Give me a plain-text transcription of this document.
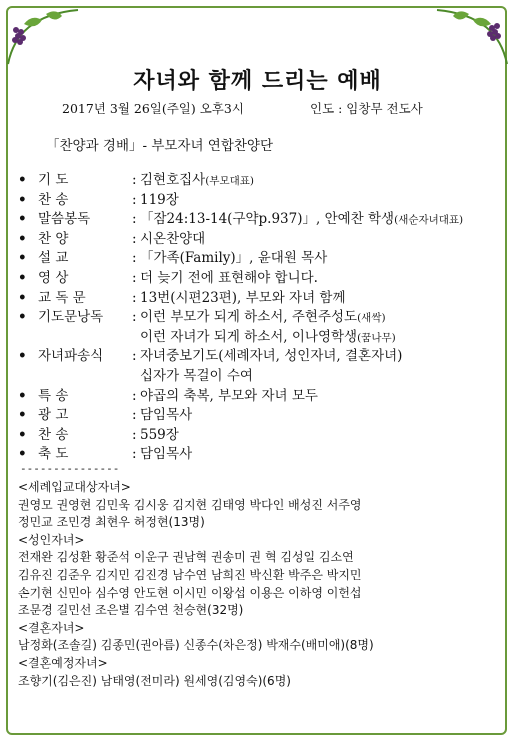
자녀와 함께 드리는 예배
2017년 3월 26일(주일) 오후3시	인도 : 임창무 전도사
「찬양과 경배」- 부모자녀 연합찬양단
• 기 도	: 김현호집사(부모대표)
• 찬 송	: 119장
• 말씀봉독	: 「잠24:13-14(구약p.937)」, 안예찬 학생(새순자녀대표)
• 찬 양	: 시온찬양대
• 설 교	: 「가족(Family)」, 윤대원 목사
• 영 상	: 더 늦기 전에 표현해야 합니다.
• 교 독 문	: 13번(시편23편), 부모와 자녀 함께
• 기도문낭독	: 이런 부모가 되게 하소서, 주현주성도(새싹)
이런 자녀가 되게 하소서, 이나영학생(꿈나무)
• 자녀파송식	: 자녀중보기도(세례자녀, 성인자녀, 결혼자녀)
십자가 목걸이 수여
• 특 송	: 야곱의 축복, 부모와 자녀 모두
• 광 고	: 담임목사
• 찬 송	: 559장
• 축 도	: 담임목사
---------------
<세례입교대상자녀>
권영모 권영현 김민욱 김시웅 김지현 김태영 박다인 배성진 서주영
정민교 조민경 최현우 허정현(13명)
<성인자녀>
전재완 김성환 황준석 이운구 권남혁 권송미 권 혁 김성일 김소연
김유진 김준우 김지민 김진경 남수연 남희진 박신환 박주은 박지민
손기현 신민아 심수영 안도현 이시민 이왕섭 이용은 이하영 이헌섭
조문경 길민선 조은별 김수연 천승현(32명)
<결혼자녀>
남정화(조솔길) 김종민(권아름) 신종수(차은정) 박재수(배미애)(8명)
<결혼예정자녀>
조향기(김은진) 남태영(전미라) 원세영(김영숙)(6명)
